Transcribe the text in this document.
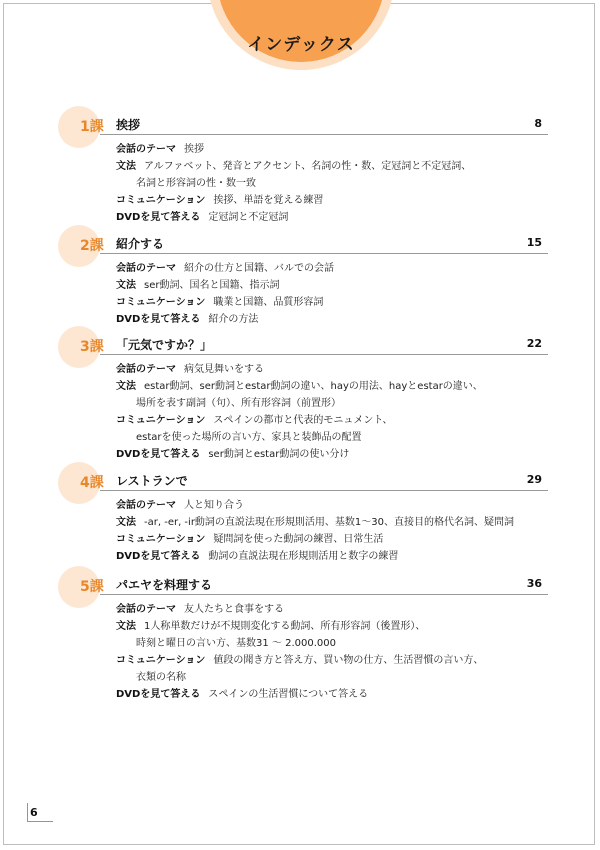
インデックス
1課 挨拶	8
会話のテーマ 挨拶
文法 アルファベット、発音とアクセント、名詞の性・数、定冠詞と不定冠詞、
名詞と形容詞の性・数一致
コミュニケーション 挨拶、単語を覚える練習
DVDを見て答える 定冠詞と不定冠詞
2課 紹介する	15
会話のテーマ 紹介の仕方と国籍、バルでの会話
文法 ser動詞、国名と国籍、指示詞
コミュニケーション 職業と国籍、品質形容詞
DVDを見て答える 紹介の方法
3課 「元気ですか？」	22
会話のテーマ 病気見舞いをする
文法 estar動詞、ser動詞とestar動詞の違い、hayの用法、hayとestarの違い、
場所を表す副詞（句）、所有形容詞（前置形）
コミュニケーション スペインの都市と代表的モニュメント、
estarを使った場所の言い方、家具と装飾品の配置
DVDを見て答える ser動詞とestar動詞の使い分け
4課 レストランで	29
会話のテーマ 人と知り合う
文法 -ar, -er, -ir動詞の直説法現在形規則活用、基数1～30、直接目的格代名詞、疑問詞
コミュニケーション 疑問詞を使った動詞の練習、日常生活
DVDを見て答える 動詞の直説法現在形規則活用と数字の練習
5課 パエヤを料理する	36
会話のテーマ 友人たちと食事をする
文法 1人称単数だけが不規則変化する動詞、所有形容詞（後置形）、
時刻と曜日の言い方、基数31 ～ 2.000.000
コミュニケーション 値段の聞き方と答え方、買い物の仕方、生活習慣の言い方、
衣類の名称
DVDを見て答える スペインの生活習慣について答える
6
